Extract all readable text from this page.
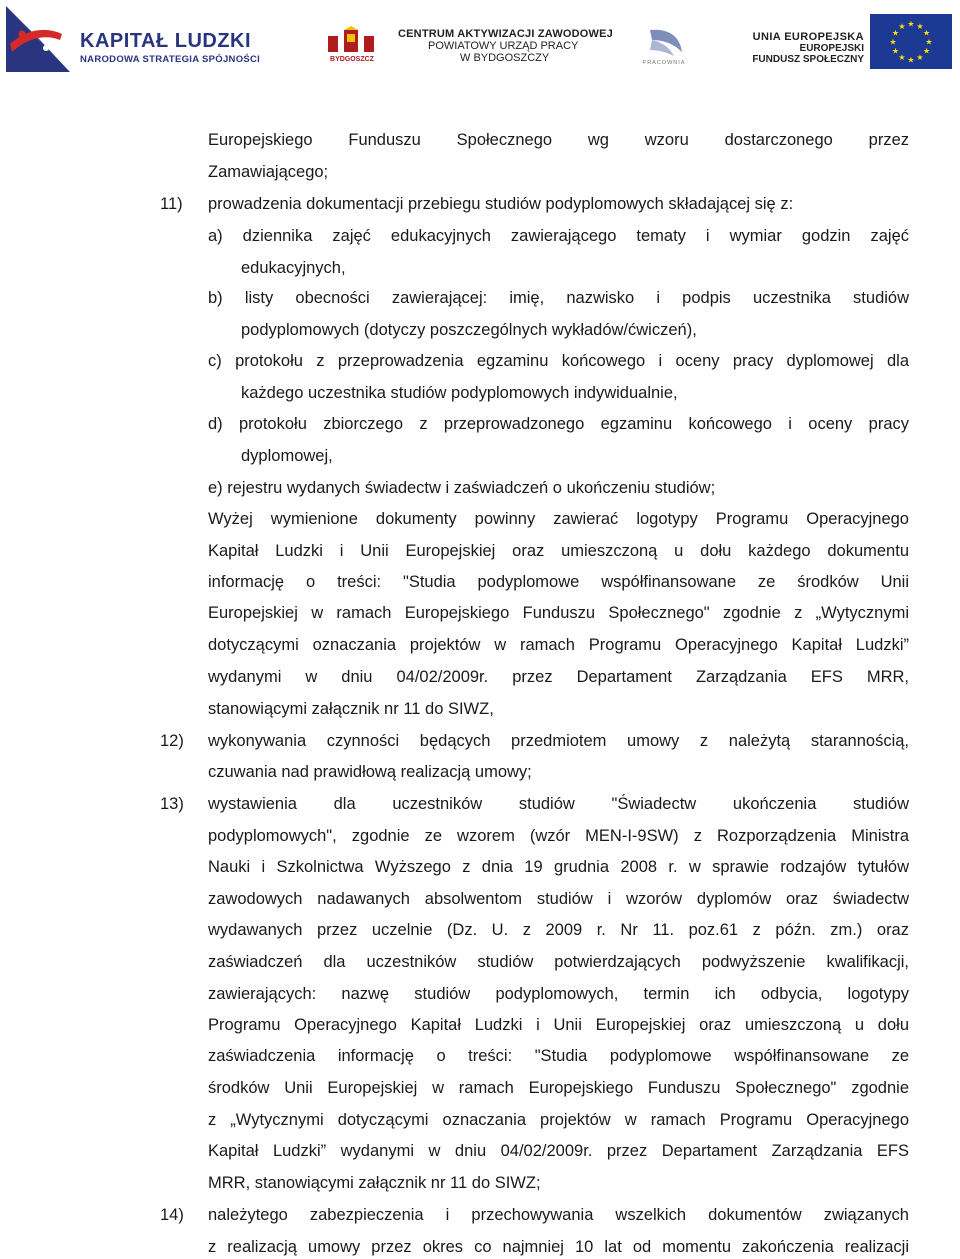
KAPITAŁ LUDZKI
NARODOWA STRATEGIA SPÓJNOŚCI	BYDGOSZCZ
CENTRUM AKTYWIZACJI ZAWODOWEJ
POWIATOWY URZĄD PRACY
W BYDGOSZCZY	PRACOWNIA
UNIA EUROPEJSKA
EUROPEJSKI
FUNDUSZ SPOŁECZNY
★ ★
★
★
★
★
★
★
★
★
★
★
Europejskiego Funduszu Społecznego wg wzoru dostarczonego przez
Zamawiającego;
prowadzenia dokumentacji przebiegu studiów podyplomowych składającej się z:
11)
a) dziennika zajęć edukacyjnych zawierającego tematy i wymiar godzin zajęć
edukacyjnych,
b) listy obecności zawierającej: imię, nazwisko i podpis uczestnika studiów
podyplomowych (dotyczy poszczególnych wykładów/ćwiczeń),
c) protokołu z przeprowadzenia egzaminu końcowego i oceny pracy dyplomowej dla
każdego uczestnika studiów podyplomowych indywidualnie,
d) protokołu zbiorczego z przeprowadzonego egzaminu końcowego i oceny pracy
dyplomowej,
e) rejestru wydanych świadectw i zaświadczeń o ukończeniu studiów;
Wyżej wymienione dokumenty powinny zawierać logotypy Programu Operacyjnego
Kapitał Ludzki i Unii Europejskiej oraz umieszczoną u dołu każdego dokumentu
informację o treści: "Studia podyplomowe współfinansowane ze środków Unii
Europejskiej w ramach Europejskiego Funduszu Społecznego" zgodnie z „Wytycznymi
dotyczącymi oznaczania projektów w ramach Programu Operacyjnego Kapitał Ludzki”
wydanymi w dniu 04/02/2009r. przez Departament Zarządzania EFS MRR,
stanowiącymi załącznik nr 11 do SIWZ,
wykonywania czynności będących przedmiotem umowy z należytą starannością,
12)
czuwania nad prawidłową realizacją umowy;
wystawienia dla uczestników studiów "Świadectw ukończenia studiów
13)
podyplomowych", zgodnie ze wzorem (wzór MEN-I-9SW) z Rozporządzenia Ministra
Nauki i Szkolnictwa Wyższego z dnia 19 grudnia 2008 r. w sprawie rodzajów tytułów
zawodowych nadawanych absolwentom studiów i wzorów dyplomów oraz świadectw
wydawanych przez uczelnie (Dz. U. z 2009 r. Nr 11. poz.61 z późn. zm.) oraz
zaświadczeń dla uczestników studiów potwierdzających podwyższenie kwalifikacji,
zawierających: nazwę studiów podyplomowych, termin ich odbycia, logotypy
Programu Operacyjnego Kapitał Ludzki i Unii Europejskiej oraz umieszczoną u dołu
zaświadczenia informację o treści: "Studia podyplomowe współfinansowane ze
środków Unii Europejskiej w ramach Europejskiego Funduszu Społecznego" zgodnie
z „Wytycznymi dotyczącymi oznaczania projektów w ramach Programu Operacyjnego
Kapitał Ludzki” wydanymi w dniu 04/02/2009r. przez Departament Zarządzania EFS
MRR, stanowiącymi załącznik nr 11 do SIWZ;
należytego zabezpieczenia i przechowywania wszelkich dokumentów związanych
14)
z realizacją umowy przez okres co najmniej 10 lat od momentu zakończenia realizacji
